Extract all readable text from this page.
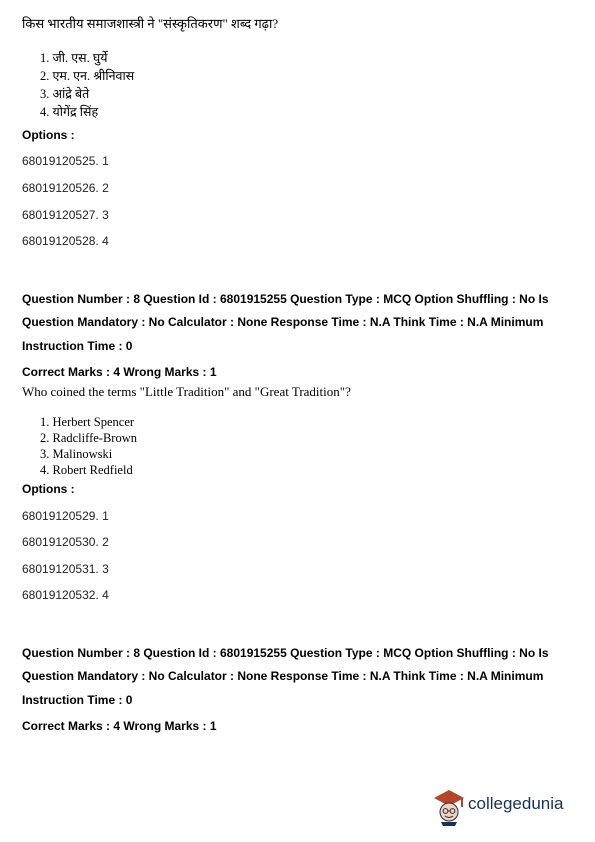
किस भारतीय समाजशास्त्री ने "संस्कृतिकरण" शब्द गढ़ा?
1. जी. एस. घुर्ये
2. एम. एन. श्रीनिवास
3. आंद्रे बेते
4. योगेंद्र सिंह
Options :
68019120525. 1
68019120526. 2
68019120527. 3
68019120528. 4
Question Number : 8 Question Id : 6801915255 Question Type : MCQ Option Shuffling : No Is
Question Mandatory : No Calculator : None Response Time : N.A Think Time : N.A Minimum
Instruction Time : 0
Correct Marks : 4 Wrong Marks : 1
Who coined the terms "Little Tradition" and "Great Tradition"?
1. Herbert Spencer
2. Radcliffe-Brown
3. Malinowski
4. Robert Redfield
Options :
68019120529. 1
68019120530. 2
68019120531. 3
68019120532. 4
Question Number : 8 Question Id : 6801915255 Question Type : MCQ Option Shuffling : No Is
Question Mandatory : No Calculator : None Response Time : N.A Think Time : N.A Minimum
Instruction Time : 0
Correct Marks : 4 Wrong Marks : 1
collegedunia
